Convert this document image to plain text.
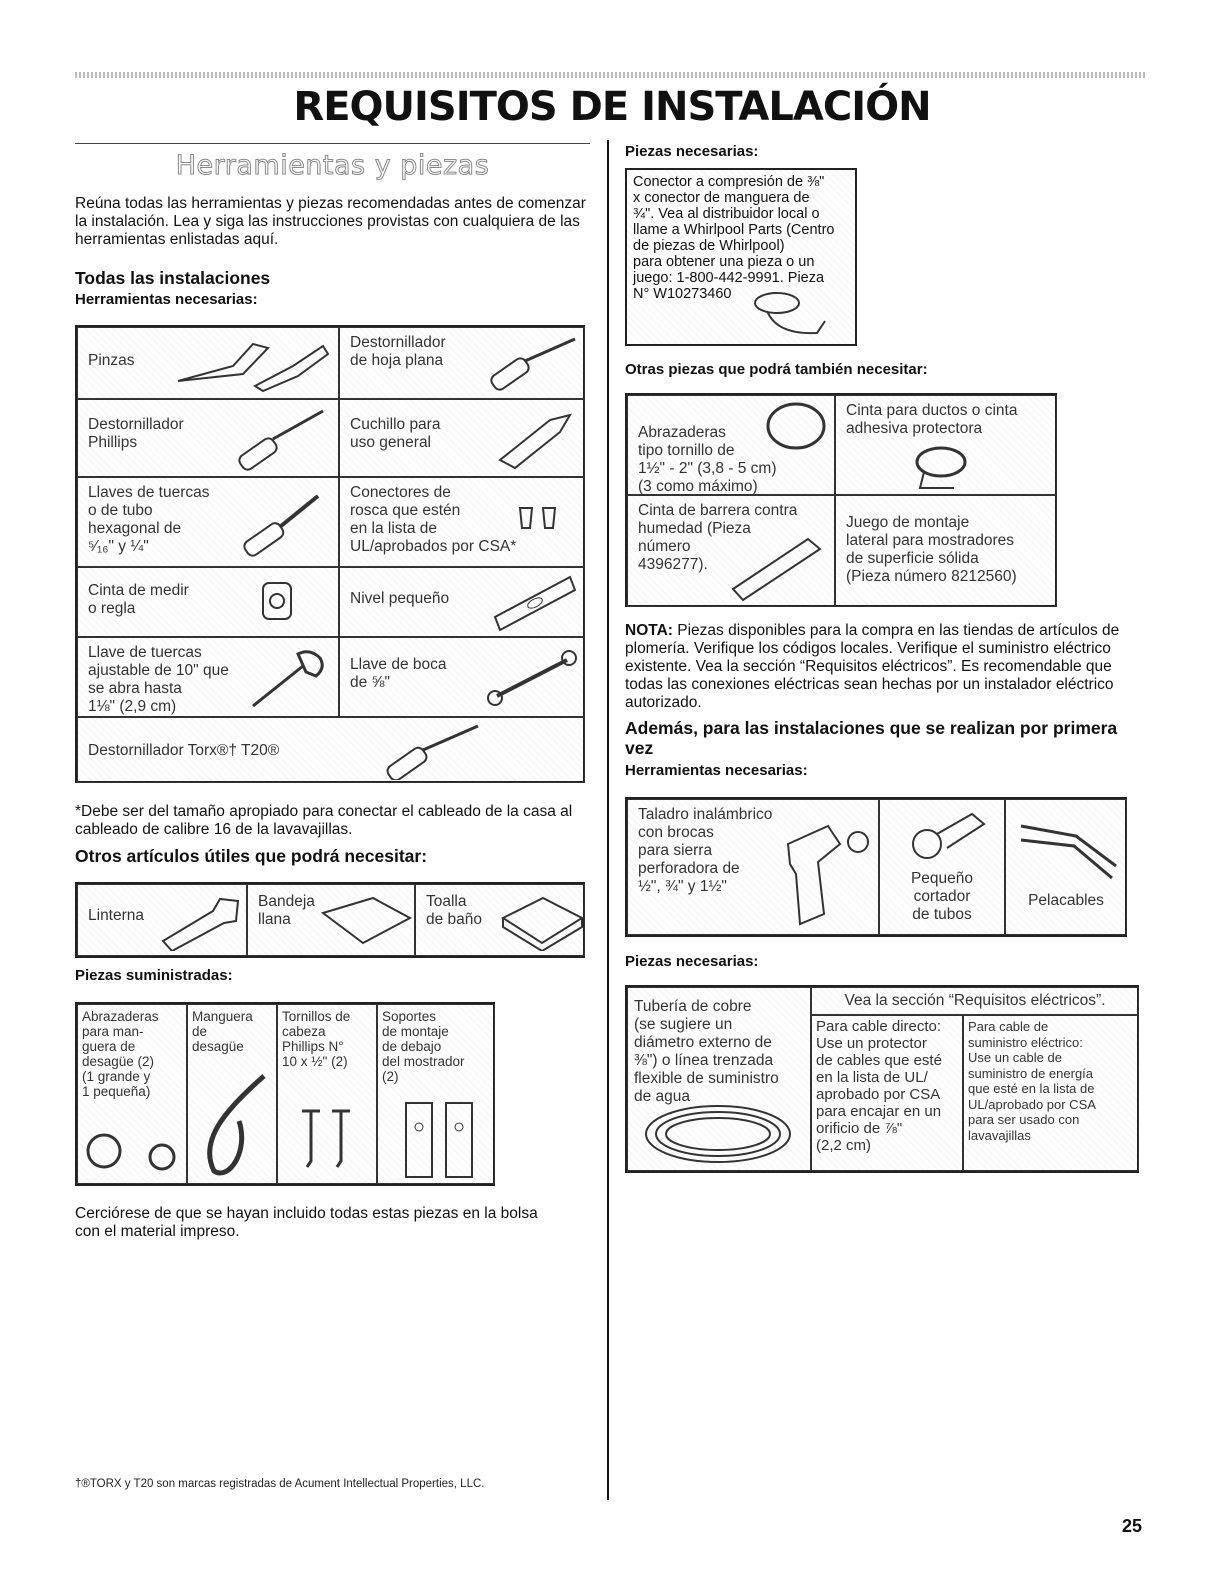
REQUISITOS DE INSTALACIÓN
Herramientas y piezas

Reúna todas las herramientas y piezas recomendadas antes de comenzar la instalación. Lea y siga las instrucciones provistas con cualquiera de las herramientas enlistadas aquí.

Todas las instalaciones
Herramientas necesarias:
Pinzas
Destornillador
de hoja plana
Destornillador
Phillips
Cuchillo para
uso general
Llaves de tuercas
o de tubo
hexagonal de
⁵⁄₁₆" y ¼"
Conectores de
rosca que estén
en la lista de
UL/aprobados por CSA*
Cinta de medir
o regla
Nivel pequeño
Llave de tuercas
ajustable de 10" que
se abra hasta
1⅛" (2,9 cm)
Llave de boca
de ⅝"
Destornillador Torx®† T20®

*Debe ser del tamaño apropiado para conectar el cableado de la casa al cableado de calibre 16 de la lavavajillas.

Otros artículos útiles que podrá necesitar:
Linterna
Bandeja
llana
Toalla
de baño
Piezas suministradas:
Abrazaderas
para man-
guera de
desagüe (2)
(1 grande y
1 pequeña)
Manguera
de
desagüe
Tornillos de
cabeza
Phillips N°
10 x ½" (2)
Soportes
de montaje
de debajo
del mostrador
(2)

Cerciórese de que se hayan incluido todas estas piezas en la bolsa con el material impreso.

†®TORX y T20 son marcas registradas de Acument Intellectual Properties, LLC.
Piezas necesarias:
Conector a compresión de ⅜"
x conector de manguera de
¾". Vea al distribuidor local o
llame a Whirlpool Parts (Centro
de piezas de Whirlpool)
para obtener una pieza o un
juego: 1-800-442-9991. Pieza
N° W10273460
Otras piezas que podrá también necesitar:
Abrazaderas
tipo tornillo de
1½" - 2" (3,8 - 5 cm)
(3 como máximo)
Cinta para ductos o cinta
adhesiva protectora
Cinta de barrera contra
humedad (Pieza
número
4396277).
Juego de montaje
lateral para mostradores
de superficie sólida
(Pieza número 8212560)

NOTA: Piezas disponibles para la compra en las tiendas de artículos de plomería. Verifique los códigos locales. Verifique el suministro eléctrico existente. Vea la sección “Requisitos eléctricos”. Es recomendable que todas las conexiones eléctricas sean hechas por un instalador eléctrico autorizado.

Además, para las instalaciones que se realizan por primera vez
Herramientas necesarias:
Taladro inalámbrico
con brocas
para sierra
perforadora de
½", ¾" y 1½"	Pequeño
cortador
de tubos
Pelacables
Piezas necesarias:
Tubería de cobre
(se sugiere un
diámetro externo de
⅜") o línea trenzada
flexible de suministro
de agua
Vea la sección “Requisitos eléctricos”.
Para cable directo:
Use un protector
de cables que esté
en la lista de UL/
aprobado por CSA
para encajar en un
orificio de ⅞"
(2,2 cm)
Para cable de
suministro eléctrico:
Use un cable de
suministro de energía
que esté en la lista de
UL/aprobado por CSA
para ser usado con
lavavajillas
25
